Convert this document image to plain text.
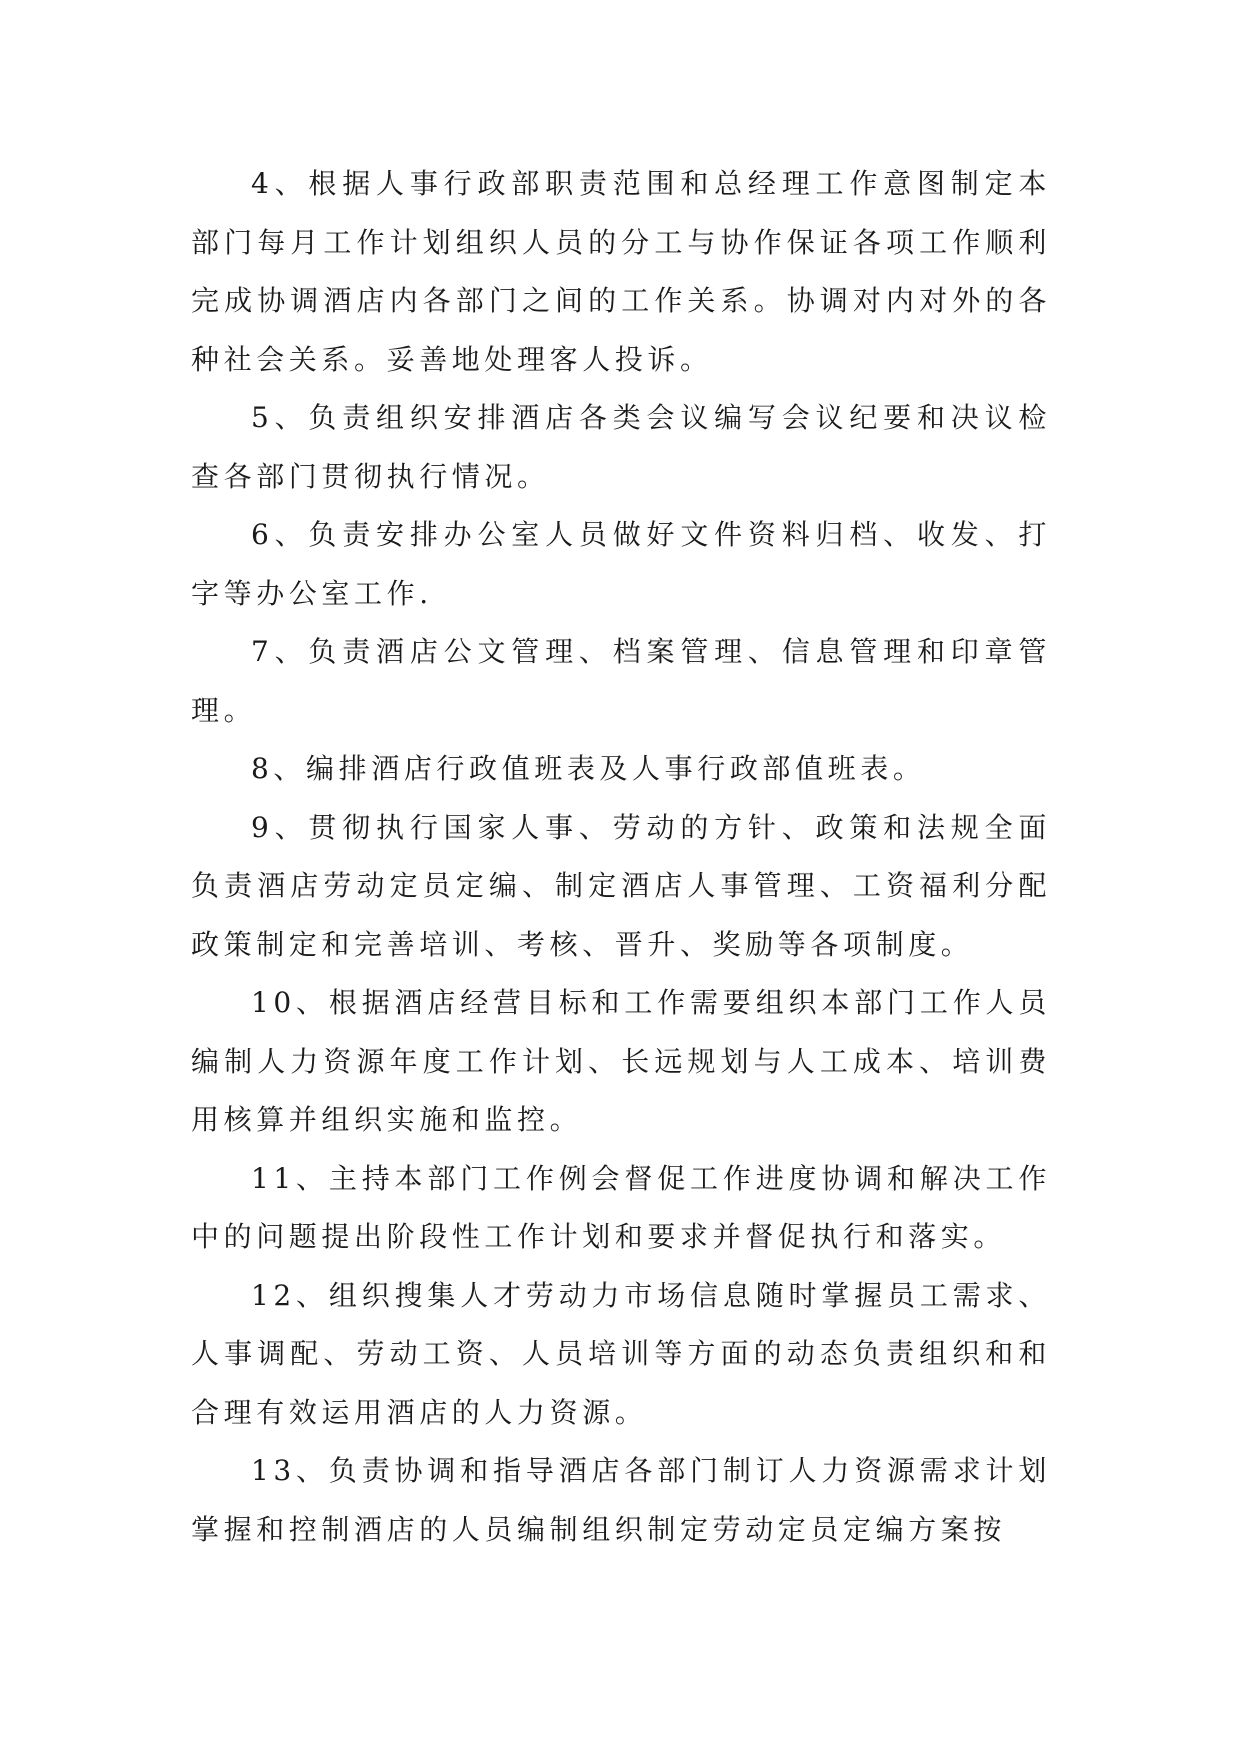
4、根据人事行政部职责范围和总经理工作意图制定本部门每月工作计划组织人员的分工与协作保证各项工作顺利完成协调酒店内各部门之间的工作关系。协调对内对外的各种社会关系。妥善地处理客人投诉。

5、负责组织安排酒店各类会议编写会议纪要和决议检查各部门贯彻执行情况。

6、负责安排办公室人员做好文件资料归档、收发、打字等办公室工作.

7、负责酒店公文管理、档案管理、信息管理和印章管理。

8、编排酒店行政值班表及人事行政部值班表。

9、贯彻执行国家人事、劳动的方针、政策和法规全面负责酒店劳动定员定编、制定酒店人事管理、工资福利分配政策制定和完善培训、考核、晋升、奖励等各项制度。

10、根据酒店经营目标和工作需要组织本部门工作人员编制人力资源年度工作计划、长远规划与人工成本、培训费用核算并组织实施和监控。

11、主持本部门工作例会督促工作进度协调和解决工作中的问题提出阶段性工作计划和要求并督促执行和落实。

12、组织搜集人才劳动力市场信息随时掌握员工需求、人事调配、劳动工资、人员培训等方面的动态负责组织和和合理有效运用酒店的人力资源。

13、负责协调和指导酒店各部门制订人力资源需求计划掌握和控制酒店的人员编制组织制定劳动定员定编方案按
